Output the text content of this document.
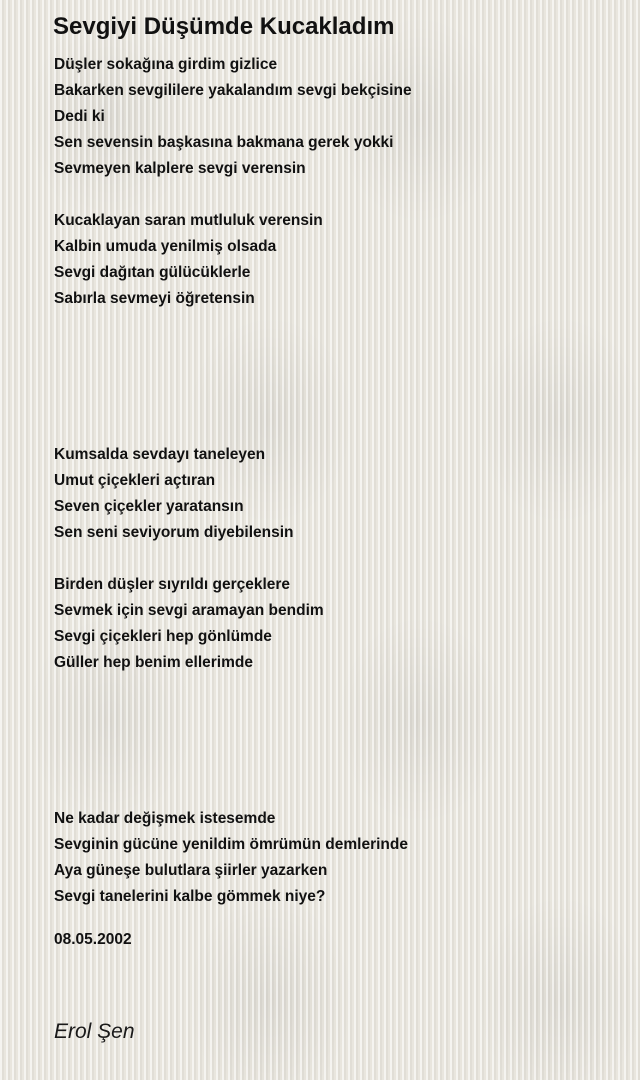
Sevgiyi Düşümde Kucakladım
Düşler sokağına girdim gizlice
Bakarken sevgililere yakalandım sevgi bekçisine
Dedi ki
Sen sevensin başkasına bakmana gerek yokki
Sevmeyen kalplere sevgi verensin
Kucaklayan saran mutluluk verensin
Kalbin umuda yenilmiş olsada
Sevgi dağıtan gülücüklerle
Sabırla sevmeyi öğretensin
Kumsalda sevdayı taneleyen
Umut çiçekleri açtıran
Seven çiçekler yaratansın
Sen seni seviyorum diyebilensin
Birden düşler sıyrıldı gerçeklere
Sevmek için sevgi aramayan bendim
Sevgi çiçekleri hep gönlümde
Güller hep benim ellerimde
Ne kadar değişmek istesemde
Sevginin gücüne yenildim ömrümün demlerinde
Aya güneşe bulutlara şiirler yazarken
Sevgi tanelerini kalbe gömmek niye?
08.05.2002
Erol Şen
